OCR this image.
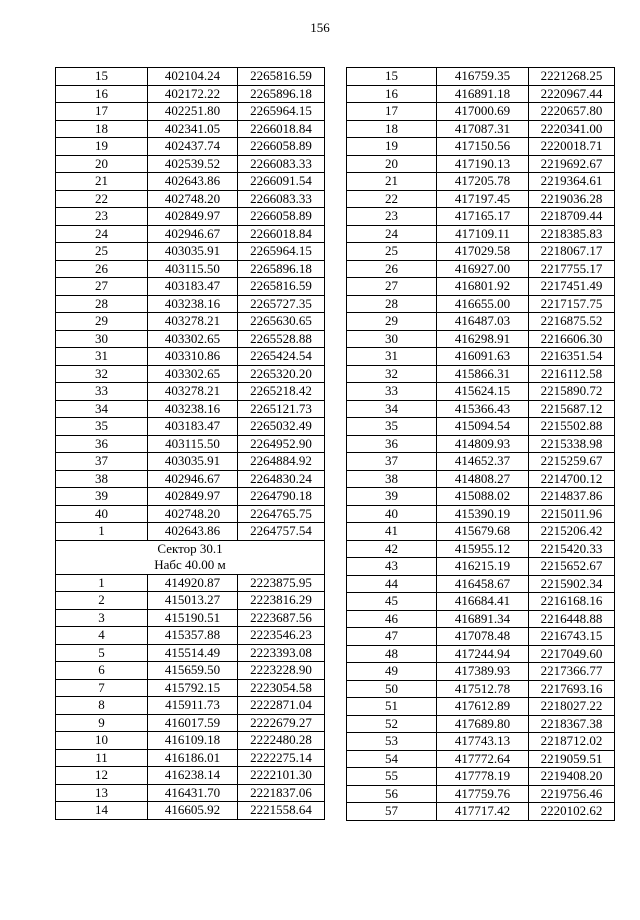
156
15	402104.24	2265816.59
16	402172.22	2265896.18
17	402251.80	2265964.15
18	402341.05	2266018.84
19	402437.74	2266058.89
20	402539.52	2266083.33
21	402643.86	2266091.54
22	402748.20	2266083.33
23	402849.97	2266058.89
24	402946.67	2266018.84
25	403035.91	2265964.15
26	403115.50	2265896.18
27	403183.47	2265816.59
28	403238.16	2265727.35
29	403278.21	2265630.65
30	403302.65	2265528.88
31	403310.86	2265424.54
32	403302.65	2265320.20
33	403278.21	2265218.42
34	403238.16	2265121.73
35	403183.47	2265032.49
36	403115.50	2264952.90
37	403035.91	2264884.92
38	402946.67	2264830.24
39	402849.97	2264790.18
40	402748.20	2264765.75
1	402643.86	2264757.54

Сектор 30.1
Набс 40.00 м		

1	414920.87	2223875.95
2	415013.27	2223816.29
3	415190.51	2223687.56
4	415357.88	2223546.23
5	415514.49	2223393.08
6	415659.50	2223228.90
7	415792.15	2223054.58
8	415911.73	2222871.04
9	416017.59	2222679.27
10	416109.18	2222480.28
11	416186.01	2222275.14
12	416238.14	2222101.30
13	416431.70	2221837.06
14	416605.92	2221558.64
15	416759.35	2221268.25
16	416891.18	2220967.44
17	417000.69	2220657.80
18	417087.31	2220341.00
19	417150.56	2220018.71
20	417190.13	2219692.67
21	417205.78	2219364.61
22	417197.45	2219036.28
23	417165.17	2218709.44
24	417109.11	2218385.83
25	417029.58	2218067.17
26	416927.00	2217755.17
27	416801.92	2217451.49
28	416655.00	2217157.75
29	416487.03	2216875.52
30	416298.91	2216606.30
31	416091.63	2216351.54
32	415866.31	2216112.58
33	415624.15	2215890.72
34	415366.43	2215687.12
35	415094.54	2215502.88
36	414809.93	2215338.98
37	414652.37	2215259.67
38	414808.27	2214700.12
39	415088.02	2214837.86
40	415390.19	2215011.96
41	415679.68	2215206.42
42	415955.12	2215420.33
43	416215.19	2215652.67
44	416458.67	2215902.34
45	416684.41	2216168.16
46	416891.34	2216448.88
47	417078.48	2216743.15
48	417244.94	2217049.60
49	417389.93	2217366.77
50	417512.78	2217693.16
51	417612.89	2218027.22
52	417689.80	2218367.38
53	417743.13	2218712.02
54	417772.64	2219059.51
55	417778.19	2219408.20
56	417759.76	2219756.46
57	417717.42	2220102.62
